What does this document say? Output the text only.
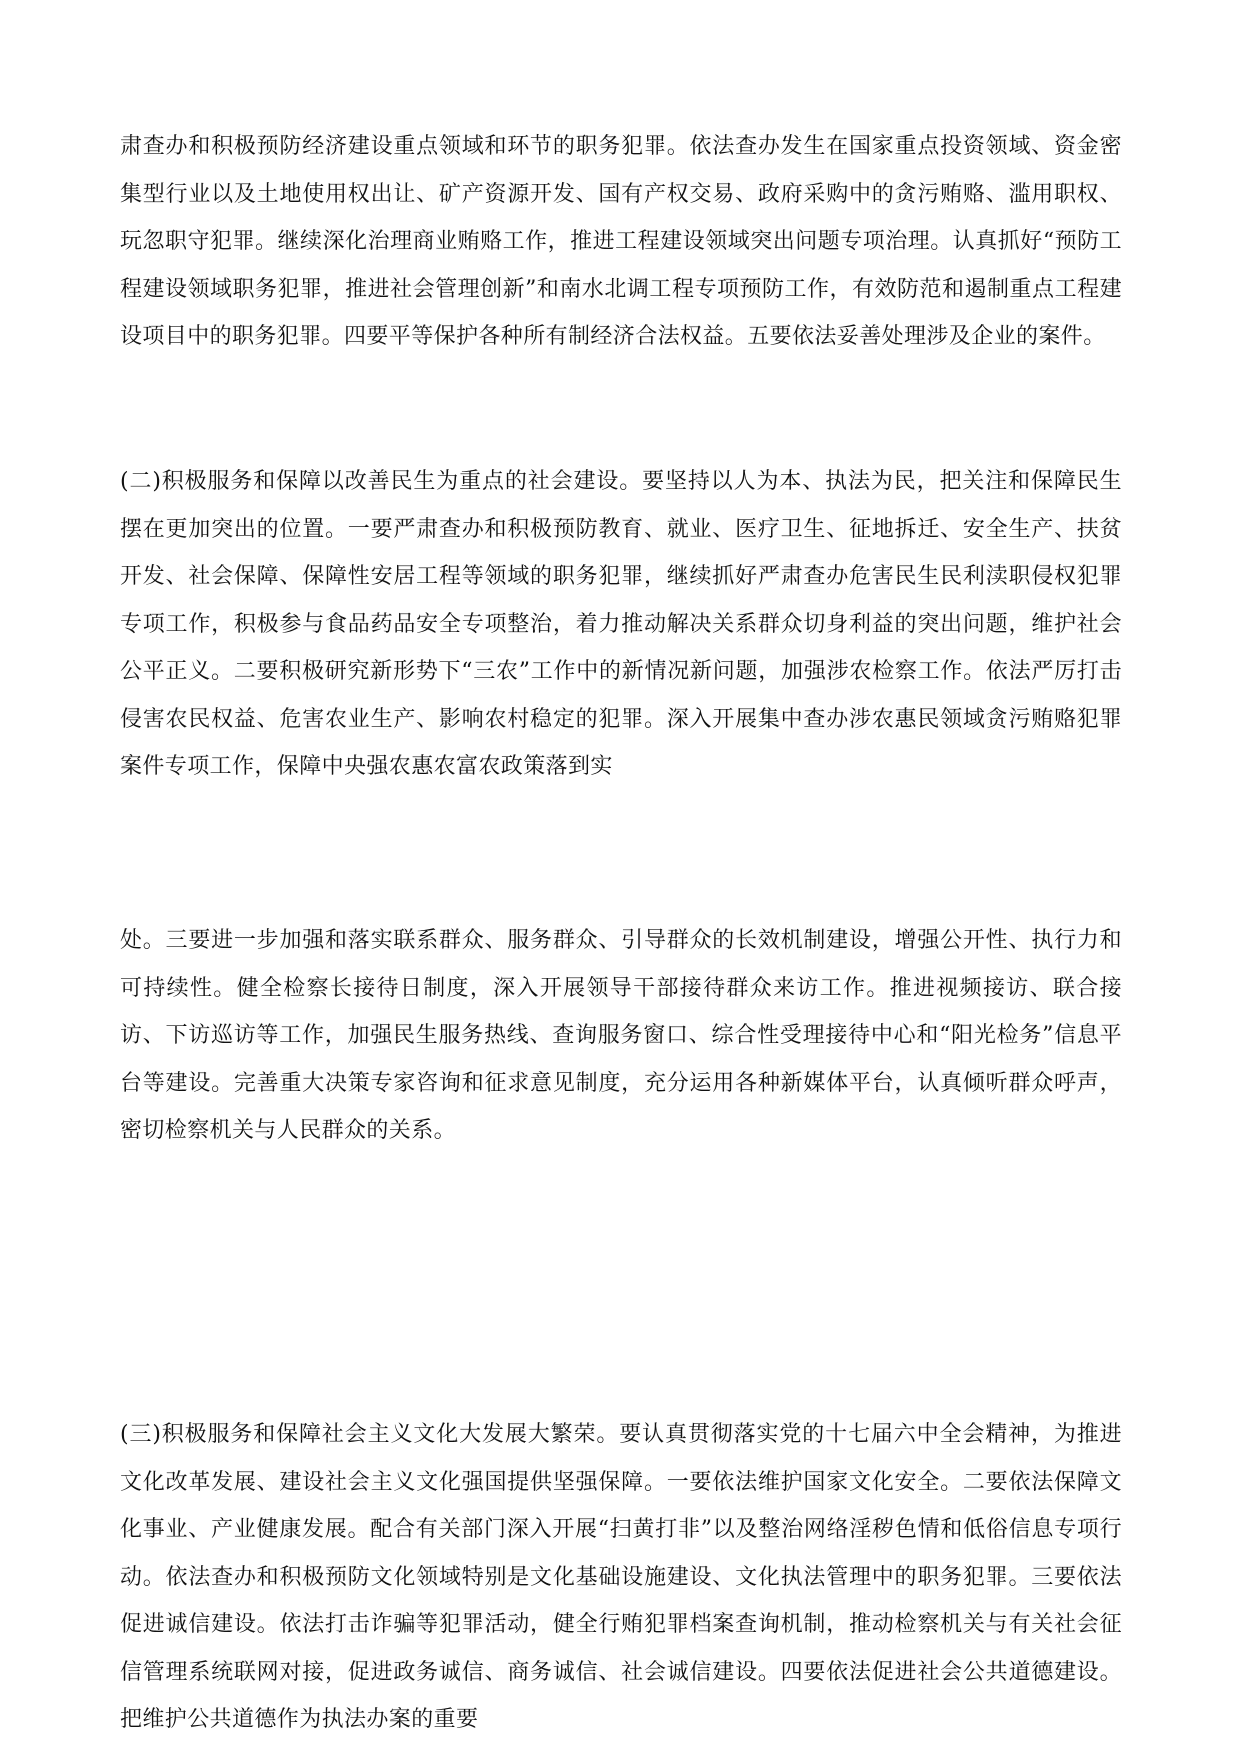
肃查办和积极预防经济建设重点领域和环节的职务犯罪。依法查办发生在国家重点投资领域、资金密集型行业以及土地使用权出让、矿产资源开发、国有产权交易、政府采购中的贪污贿赂、滥用职权、玩忽职守犯罪。继续深化治理商业贿赂工作，推进工程建设领域突出问题专项治理。认真抓好“预防工程建设领域职务犯罪，推进社会管理创新”和南水北调工程专项预防工作，有效防范和遏制重点工程建设项目中的职务犯罪。四要平等保护各种所有制经济合法权益。五要依法妥善处理涉及企业的案件。

(二)积极服务和保障以改善民生为重点的社会建设。要坚持以人为本、执法为民，把关注和保障民生摆在更加突出的位置。一要严肃查办和积极预防教育、就业、医疗卫生、征地拆迁、安全生产、扶贫开发、社会保障、保障性安居工程等领域的职务犯罪，继续抓好严肃查办危害民生民利渎职侵权犯罪专项工作，积极参与食品药品安全专项整治，着力推动解决关系群众切身利益的突出问题，维护社会公平正义。二要积极研究新形势下“三农”工作中的新情况新问题，加强涉农检察工作。依法严厉打击侵害农民权益、危害农业生产、影响农村稳定的犯罪。深入开展集中查办涉农惠民领域贪污贿赂犯罪案件专项工作，保障中央强农惠农富农政策落到实

处。三要进一步加强和落实联系群众、服务群众、引导群众的长效机制建设，增强公开性、执行力和可持续性。健全检察长接待日制度，深入开展领导干部接待群众来访工作。推进视频接访、联合接访、下访巡访等工作，加强民生服务热线、查询服务窗口、综合性受理接待中心和“阳光检务”信息平台等建设。完善重大决策专家咨询和征求意见制度，充分运用各种新媒体平台，认真倾听群众呼声，密切检察机关与人民群众的关系。

(三)积极服务和保障社会主义文化大发展大繁荣。要认真贯彻落实党的十七届六中全会精神，为推进文化改革发展、建设社会主义文化强国提供坚强保障。一要依法维护国家文化安全。二要依法保障文化事业、产业健康发展。配合有关部门深入开展“扫黄打非”以及整治网络淫秽色情和低俗信息专项行动。依法查办和积极预防文化领域特别是文化基础设施建设、文化执法管理中的职务犯罪。三要依法促进诚信建设。依法打击诈骗等犯罪活动，健全行贿犯罪档案查询机制，推动检察机关与有关社会征信管理系统联网对接，促进政务诚信、商务诚信、社会诚信建设。四要依法促进社会公共道德建设。把维护公共道德作为执法办案的重要
